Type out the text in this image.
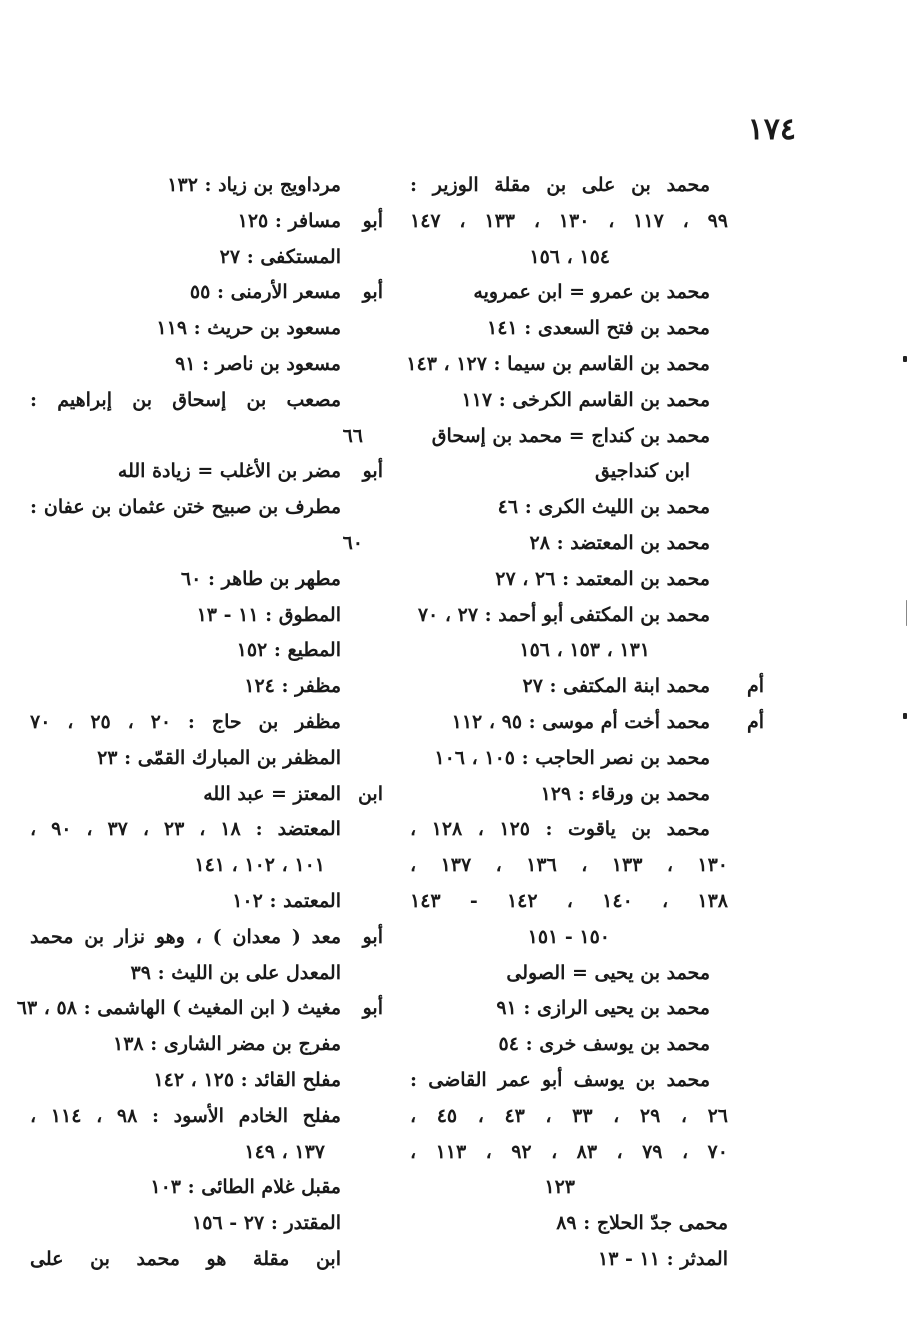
١٧٤
محمد بن على بن مقلة الوزير :
٩٩ ، ١١٧ ، ١٣٠ ، ١٣٣ ، ١٤٧
١٥٤ ، ١٥٦
محمد بن عمرو = ابن عمرويه
محمد بن فتح السعدى : ١٤١
محمد بن القاسم بن سيما : ١٢٧ ، ١٤٣
محمد بن القاسم الكرخى : ١١٧
محمد بن كنداج = محمد بن إسحاق
ابن كنداجيق
محمد بن الليث الكرى : ٤٦
محمد بن المعتضد : ٢٨
محمد بن المعتمد : ٢٦ ، ٢٧
محمد بن المكتفى أبو أحمد : ٢٧ ، ٧٠
١٣١ ، ١٥٣ ، ١٥٦
أم
محمد ابنة المكتفى : ٢٧
أم
محمد أخت أم موسى : ٩٥ ، ١١٢
محمد بن نصر الحاجب : ١٠٥ ، ١٠٦
محمد بن ورقاء : ١٢٩
محمد بن ياقوت : ١٢٥ ، ١٢٨ ،
١٣٠ ، ١٣٣ ، ١٣٦ ، ١٣٧ ،
١٣٨ ، ١٤٠ ، ١٤٢ - ١٤٣
١٥٠ - ١٥١
محمد بن يحيى = الصولى
محمد بن يحيى الرازى : ٩١
محمد بن يوسف خرى : ٥٤
محمد بن يوسف أبو عمر القاضى :
٢٦ ، ٢٩ ، ٣٣ ، ٤٣ ، ٤٥ ،
٧٠ ، ٧٩ ، ٨٣ ، ٩٢ ، ١١٣ ،
١٢٣
محمى جدّ الحلاج : ٨٩
المدثر : ١١ - ١٣
مرداويج بن زياد : ١٣٢
أبو
مسافر : ١٢٥
المستكفى : ٢٧
أبو
مسعر الأرمنى : ٥٥
مسعود بن حريث : ١١٩
مسعود بن ناصر : ٩١
مصعب بن إسحاق بن إبراهيم :
٦٦
أبو
مضر بن الأغلب = زيادة الله
مطرف بن صبيح ختن عثمان بن عفان :
٦٠
مطهر بن طاهر : ٦٠
المطوق : ١١ - ١٣
المطيع : ١٥٢
مظفر : ١٢٤
مظفر بن حاج : ٢٠ ، ٢٥ ، ٧٠
المظفر بن المبارك القمّى : ٢٣
ابن
المعتز = عبد الله
المعتضد : ١٨ ، ٢٣ ، ٣٧ ، ٩٠ ،
١٠١ ، ١٠٢ ، ١٤١
المعتمد : ١٠٢
أبو
معد ( معدان ) ، وهو نزار بن محمد
المعدل على بن الليث : ٣٩
أبو
مغيث ( ابن المغيث ) الهاشمى : ٥٨ ، ٦٣
مفرج بن مضر الشارى : ١٣٨
مفلح القائد : ١٢٥ ، ١٤٢
مفلح الخادم الأسود : ٩٨ ، ١١٤ ،
١٣٧ ، ١٤٩
مقبل غلام الطائى : ١٠٣
المقتدر : ٢٧ - ١٥٦
ابن مقلة هو محمد بن على
